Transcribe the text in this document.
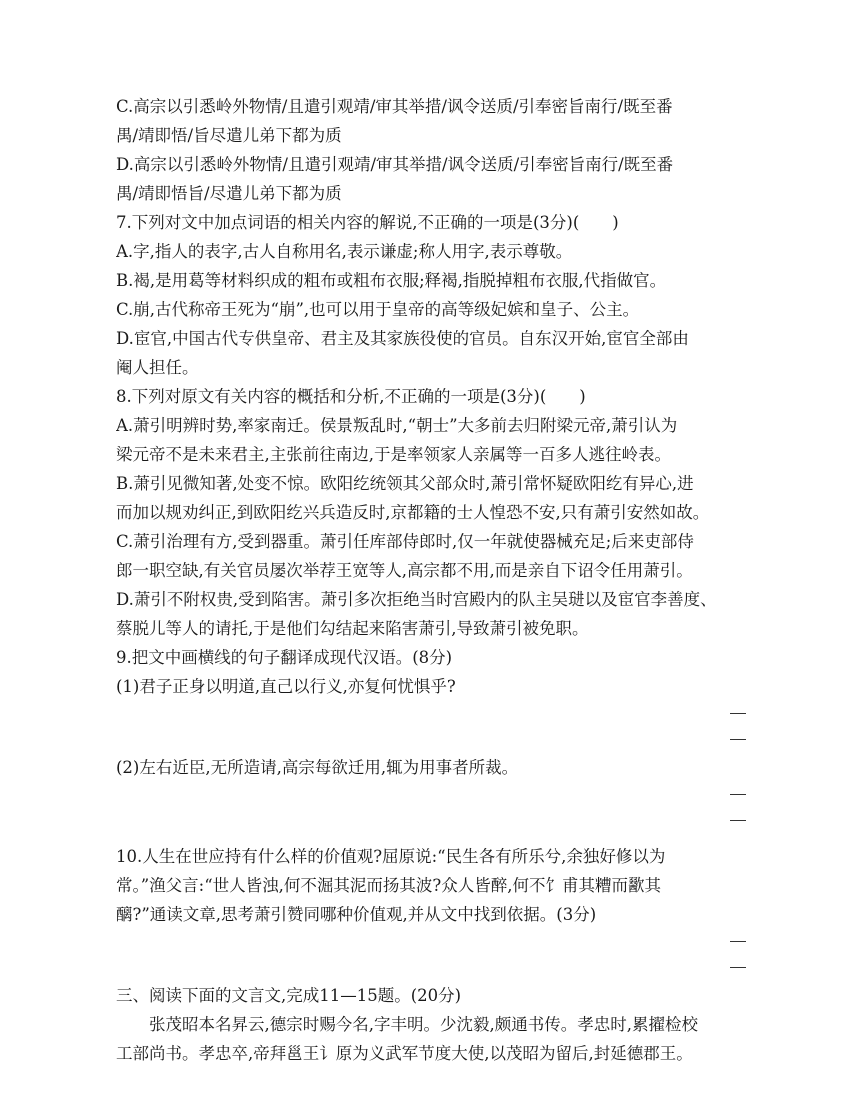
C.高宗以引悉岭外物情/且遣引观靖/审其举措/讽令送质/引奉密旨南行/既至番
禺/靖即悟/旨尽遣儿弟下都为质
D.高宗以引悉岭外物情/且遣引观靖/审其举措/讽令送质/引奉密旨南行/既至番
禺/靖即悟旨/尽遣儿弟下都为质
7.下列对文中加点词语的相关内容的解说,不正确的一项是(3分)(　　)
A.字,指人的表字,古人自称用名,表示谦虚;称人用字,表示尊敬。
B.褐,是用葛等材料织成的粗布或粗布衣服;释褐,指脱掉粗布衣服,代指做官。
C.崩,古代称帝王死为“崩”,也可以用于皇帝的高等级妃嫔和皇子、公主。
D.宦官,中国古代专供皇帝、君主及其家族役使的官员。自东汉开始,宦官全部由
阉人担任。
8.下列对原文有关内容的概括和分析,不正确的一项是(3分)(　　)
A.萧引明辨时势,率家南迁。侯景叛乱时,“朝士”大多前去归附梁元帝,萧引认为
梁元帝不是未来君主,主张前往南边,于是率领家人亲属等一百多人逃往岭表。
B.萧引见微知著,处变不惊。欧阳纥统领其父部众时,萧引常怀疑欧阳纥有异心,进
而加以规劝纠正,到欧阳纥兴兵造反时,京都籍的士人惶恐不安,只有萧引安然如故。
C.萧引治理有方,受到器重。萧引任库部侍郎时,仅一年就使器械充足;后来吏部侍
郎一职空缺,有关官员屡次举荐王宽等人,高宗都不用,而是亲自下诏令任用萧引。
D.萧引不附权贵,受到陷害。萧引多次拒绝当时宫殿内的队主吴琎以及宦官李善度、
蔡脱儿等人的请托,于是他们勾结起来陷害萧引,导致萧引被免职。
9.把文中画横线的句子翻译成现代汉语。(8分)
(1)君子正身以明道,直己以行义,亦复何忧惧乎?
(2)左右近臣,无所造请,高宗每欲迁用,辄为用事者所裁。
10.人生在世应持有什么样的价值观?屈原说:“民生各有所乐兮,余独好修以为
常。”渔父言:“世人皆浊,何不淈其泥而扬其波?众人皆醉,何不饣甫其糟而歠其
醨?”通读文章,思考萧引赞同哪种价值观,并从文中找到依据。(3分)
三、阅读下面的文言文,完成11—15题。(20分)
张茂昭本名昇云,德宗时赐今名,字丰明。少沈毅,颇通书传。孝忠时,累擢检校
工部尚书。孝忠卒,帝拜邕王讠原为义武军节度大使,以茂昭为留后,封延德郡王。
